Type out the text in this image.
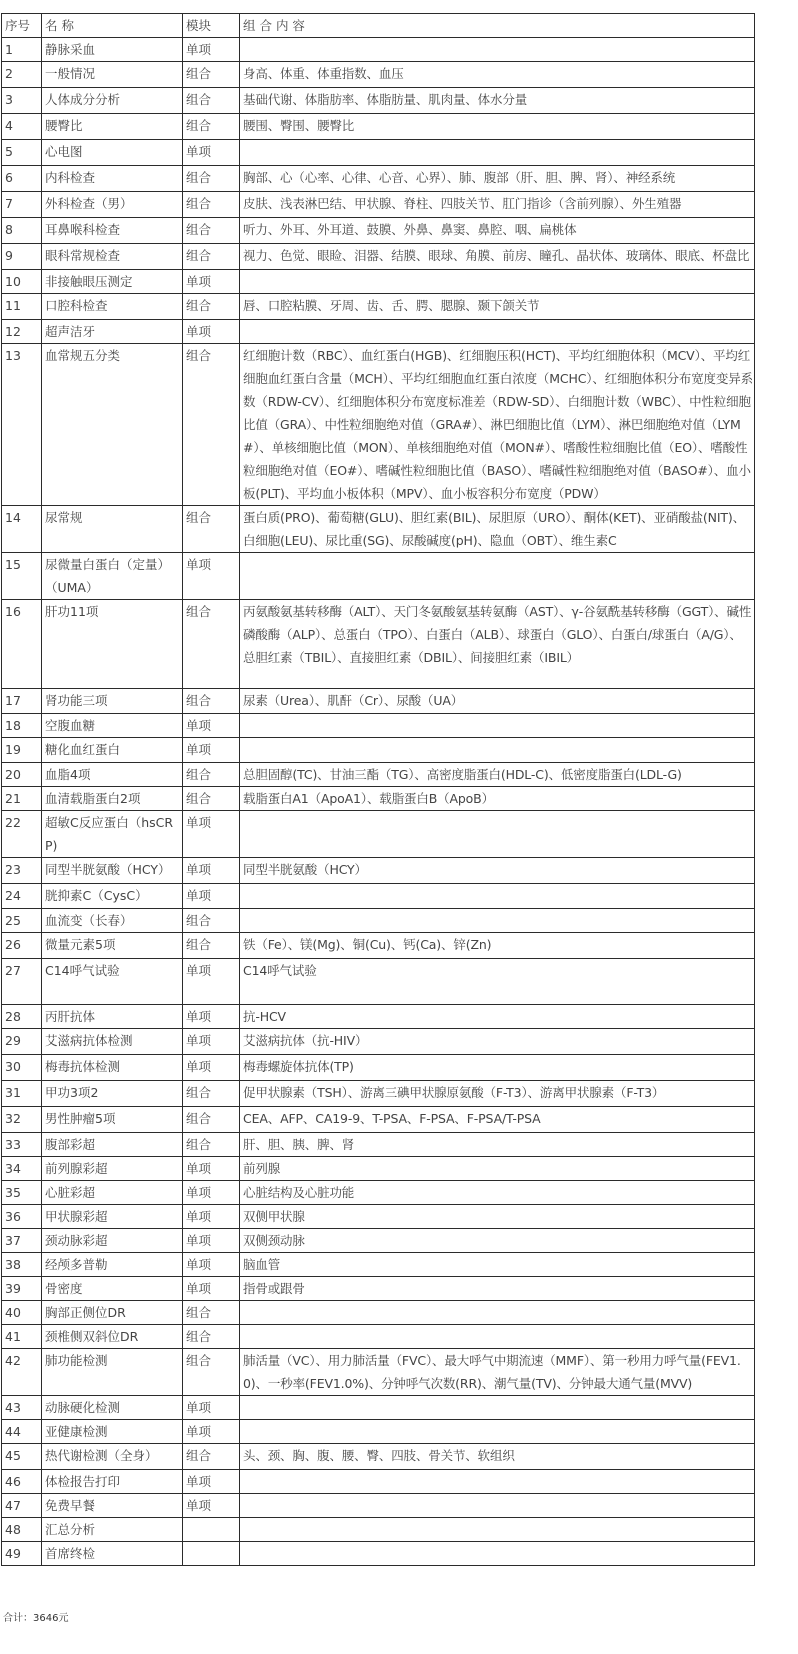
序号	名 称	模块	组 合 内 容
1	静脉采血	单项	
2	一般情况	组合	身高、体重、体重指数、血压
3	人体成分分析	组合	基础代谢、体脂肪率、体脂肪量、肌肉量、体水分量
4	腰臀比	组合	腰围、臀围、腰臀比
5	心电图	单项	
6	内科检查	组合	胸部、心（心率、心律、心音、心界）、肺、腹部（肝、胆、脾、肾）、神经系统
7	外科检查（男）	组合	皮肤、浅表淋巴结、甲状腺、脊柱、四肢关节、肛门指诊（含前列腺）、外生殖器
8	耳鼻喉科检查	组合	听力、外耳、外耳道、鼓膜、外鼻、鼻窦、鼻腔、咽、扁桃体
9	眼科常规检查	组合	视力、色觉、眼睑、泪器、结膜、眼球、角膜、前房、瞳孔、晶状体、玻璃体、眼底、杯盘比
10	非接触眼压测定	单项	
11	口腔科检查	组合	唇、口腔粘膜、牙周、齿、舌、腭、腮腺、颞下颌关节
12	超声洁牙	单项	
13	血常规五分类	组合	红细胞计数（RBC）、血红蛋白(HGB)、红细胞压积(HCT)、平均红细胞体积（MCV）、平均红细胞血红蛋白含量（MCH）、平均红细胞血红蛋白浓度（MCHC）、红细胞体积分布宽度变异系数（RDW-CV）、红细胞体积分布宽度标准差（RDW-SD）、白细胞计数（WBC）、中性粒细胞比值（GRA）、中性粒细胞绝对值（GRA#）、淋巴细胞比值（LYM）、淋巴细胞绝对值（LYM#）、单核细胞比值（MON）、单核细胞绝对值（MON#）、嗜酸性粒细胞比值（EO）、嗜酸性粒细胞绝对值（EO#）、嗜碱性粒细胞比值（BASO）、嗜碱性粒细胞绝对值（BASO#）、血小板(PLT)、平均血小板体积（MPV）、血小板容积分布宽度（PDW）
14	尿常规	组合	蛋白质(PRO)、葡萄糖(GLU)、胆红素(BIL)、尿胆原（URO）、酮体(KET)、亚硝酸盐(NIT)、白细胞(LEU)、尿比重(SG)、尿酸碱度(pH)、隐血（OBT）、维生素C
15	尿微量白蛋白（定量）（UMA）	单项	
16	肝功11项	组合	丙氨酸氨基转移酶（ALT）、天门冬氨酸氨基转氨酶（AST）、γ-谷氨酰基转移酶（GGT）、碱性磷酸酶（ALP）、总蛋白（TPO）、白蛋白（ALB）、球蛋白（GLO）、白蛋白/球蛋白（A/G）、总胆红素（TBIL）、直接胆红素（DBIL）、间接胆红素（IBIL）
17	肾功能三项	组合	尿素（Urea）、肌酐（Cr）、尿酸（UA）
18	空腹血糖	单项	
19	糖化血红蛋白	单项	
20	血脂4项	组合	总胆固醇(TC)、甘油三酯（TG）、高密度脂蛋白(HDL-C)、低密度脂蛋白(LDL-G)
21	血清载脂蛋白2项	组合	载脂蛋白A1（ApoA1）、载脂蛋白B（ApoB）
22	超敏C反应蛋白（hsCRP)	单项	
23	同型半胱氨酸（HCY）	单项	同型半胱氨酸（HCY）
24	胱抑素C（CysC）	单项	
25	血流变（长春）	组合	
26	微量元素5项	组合	铁（Fe）、镁(Mg)、铜(Cu)、钙(Ca)、锌(Zn)
27	C14呼气试验	单项	C14呼气试验
28	丙肝抗体	单项	抗-HCV
29	艾滋病抗体检测	单项	艾滋病抗体（抗-HIV）
30	梅毒抗体检测	单项	梅毒螺旋体抗体(TP)
31	甲功3项2	组合	促甲状腺素（TSH）、游离三碘甲状腺原氨酸（F-T3）、游离甲状腺素（F-T3）
32	男性肿瘤5项	组合	CEA、AFP、CA19-9、T-PSA、F-PSA、F-PSA/T-PSA
33	腹部彩超	组合	肝、胆、胰、脾、肾
34	前列腺彩超	单项	前列腺
35	心脏彩超	单项	心脏结构及心脏功能
36	甲状腺彩超	单项	双侧甲状腺
37	颈动脉彩超	单项	双侧颈动脉
38	经颅多普勒	单项	脑血管
39	骨密度	单项	指骨或跟骨
40	胸部正侧位DR	组合	
41	颈椎侧双斜位DR	组合	
42	肺功能检测	组合	肺活量（VC）、用力肺活量（FVC）、最大呼气中期流速（MMF）、第一秒用力呼气量(FEV1.0)、一秒率(FEV1.0%)、分钟呼气次数(RR)、潮气量(TV)、分钟最大通气量(MVV)
43	动脉硬化检测	单项	
44	亚健康检测	单项	
45	热代谢检测（全身）	组合	头、颈、胸、腹、腰、臀、四肢、骨关节、软组织
46	体检报告打印	单项	
47	免费早餐	单项	
48	汇总分析		
49	首席终检		
合计：3646元
